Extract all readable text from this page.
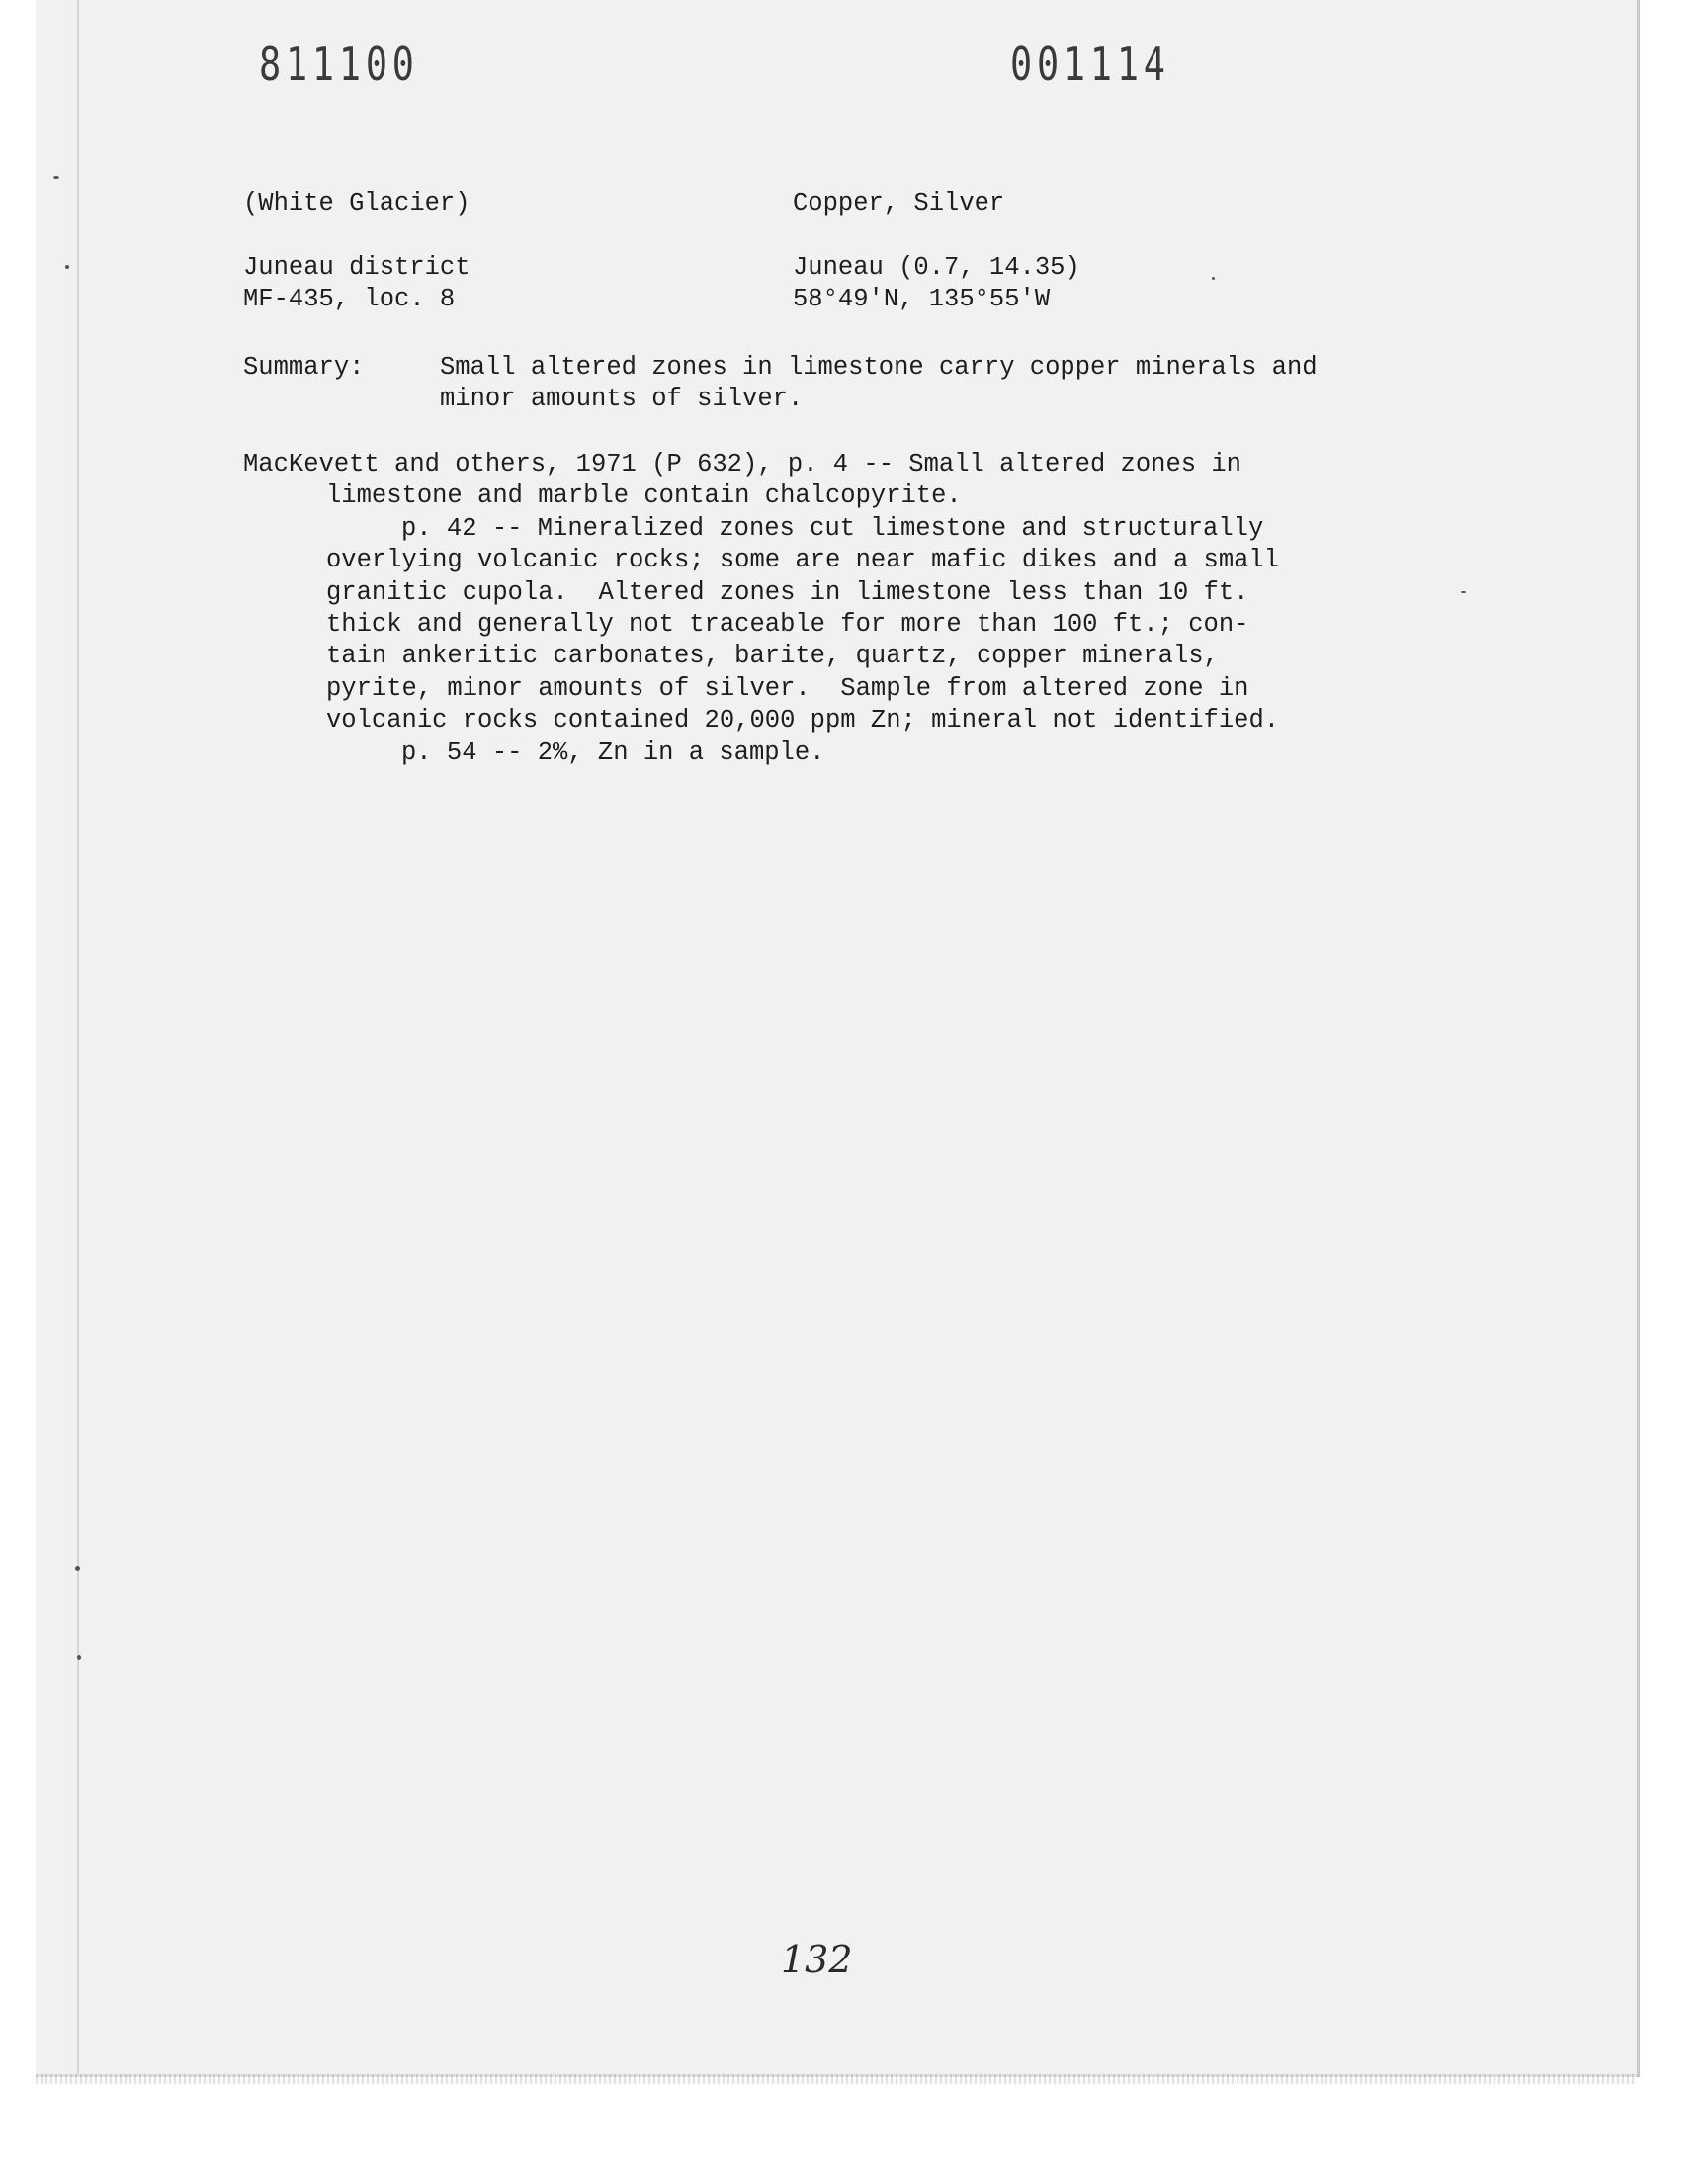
811100	001114
(White Glacier)	Copper, Silver
Juneau district	Juneau (0.7, 14.35)
MF-435, loc. 8	58°49'N, 135°55'W
Summary:	Small altered zones in limestone carry copper minerals and
minor amounts of silver.
MacKevett and others, 1971 (P 632), p. 4 -- Small altered zones in
limestone and marble contain chalcopyrite.
p. 42 -- Mineralized zones cut limestone and structurally
overlying volcanic rocks; some are near mafic dikes and a small
granitic cupola.  Altered zones in limestone less than 10 ft.
thick and generally not traceable for more than 100 ft.; con-
tain ankeritic carbonates, barite, quartz, copper minerals,
pyrite, minor amounts of silver.  Sample from altered zone in
volcanic rocks contained 20,000 ppm Zn; mineral not identified.
p. 54 -- 2%, Zn in a sample.
132
